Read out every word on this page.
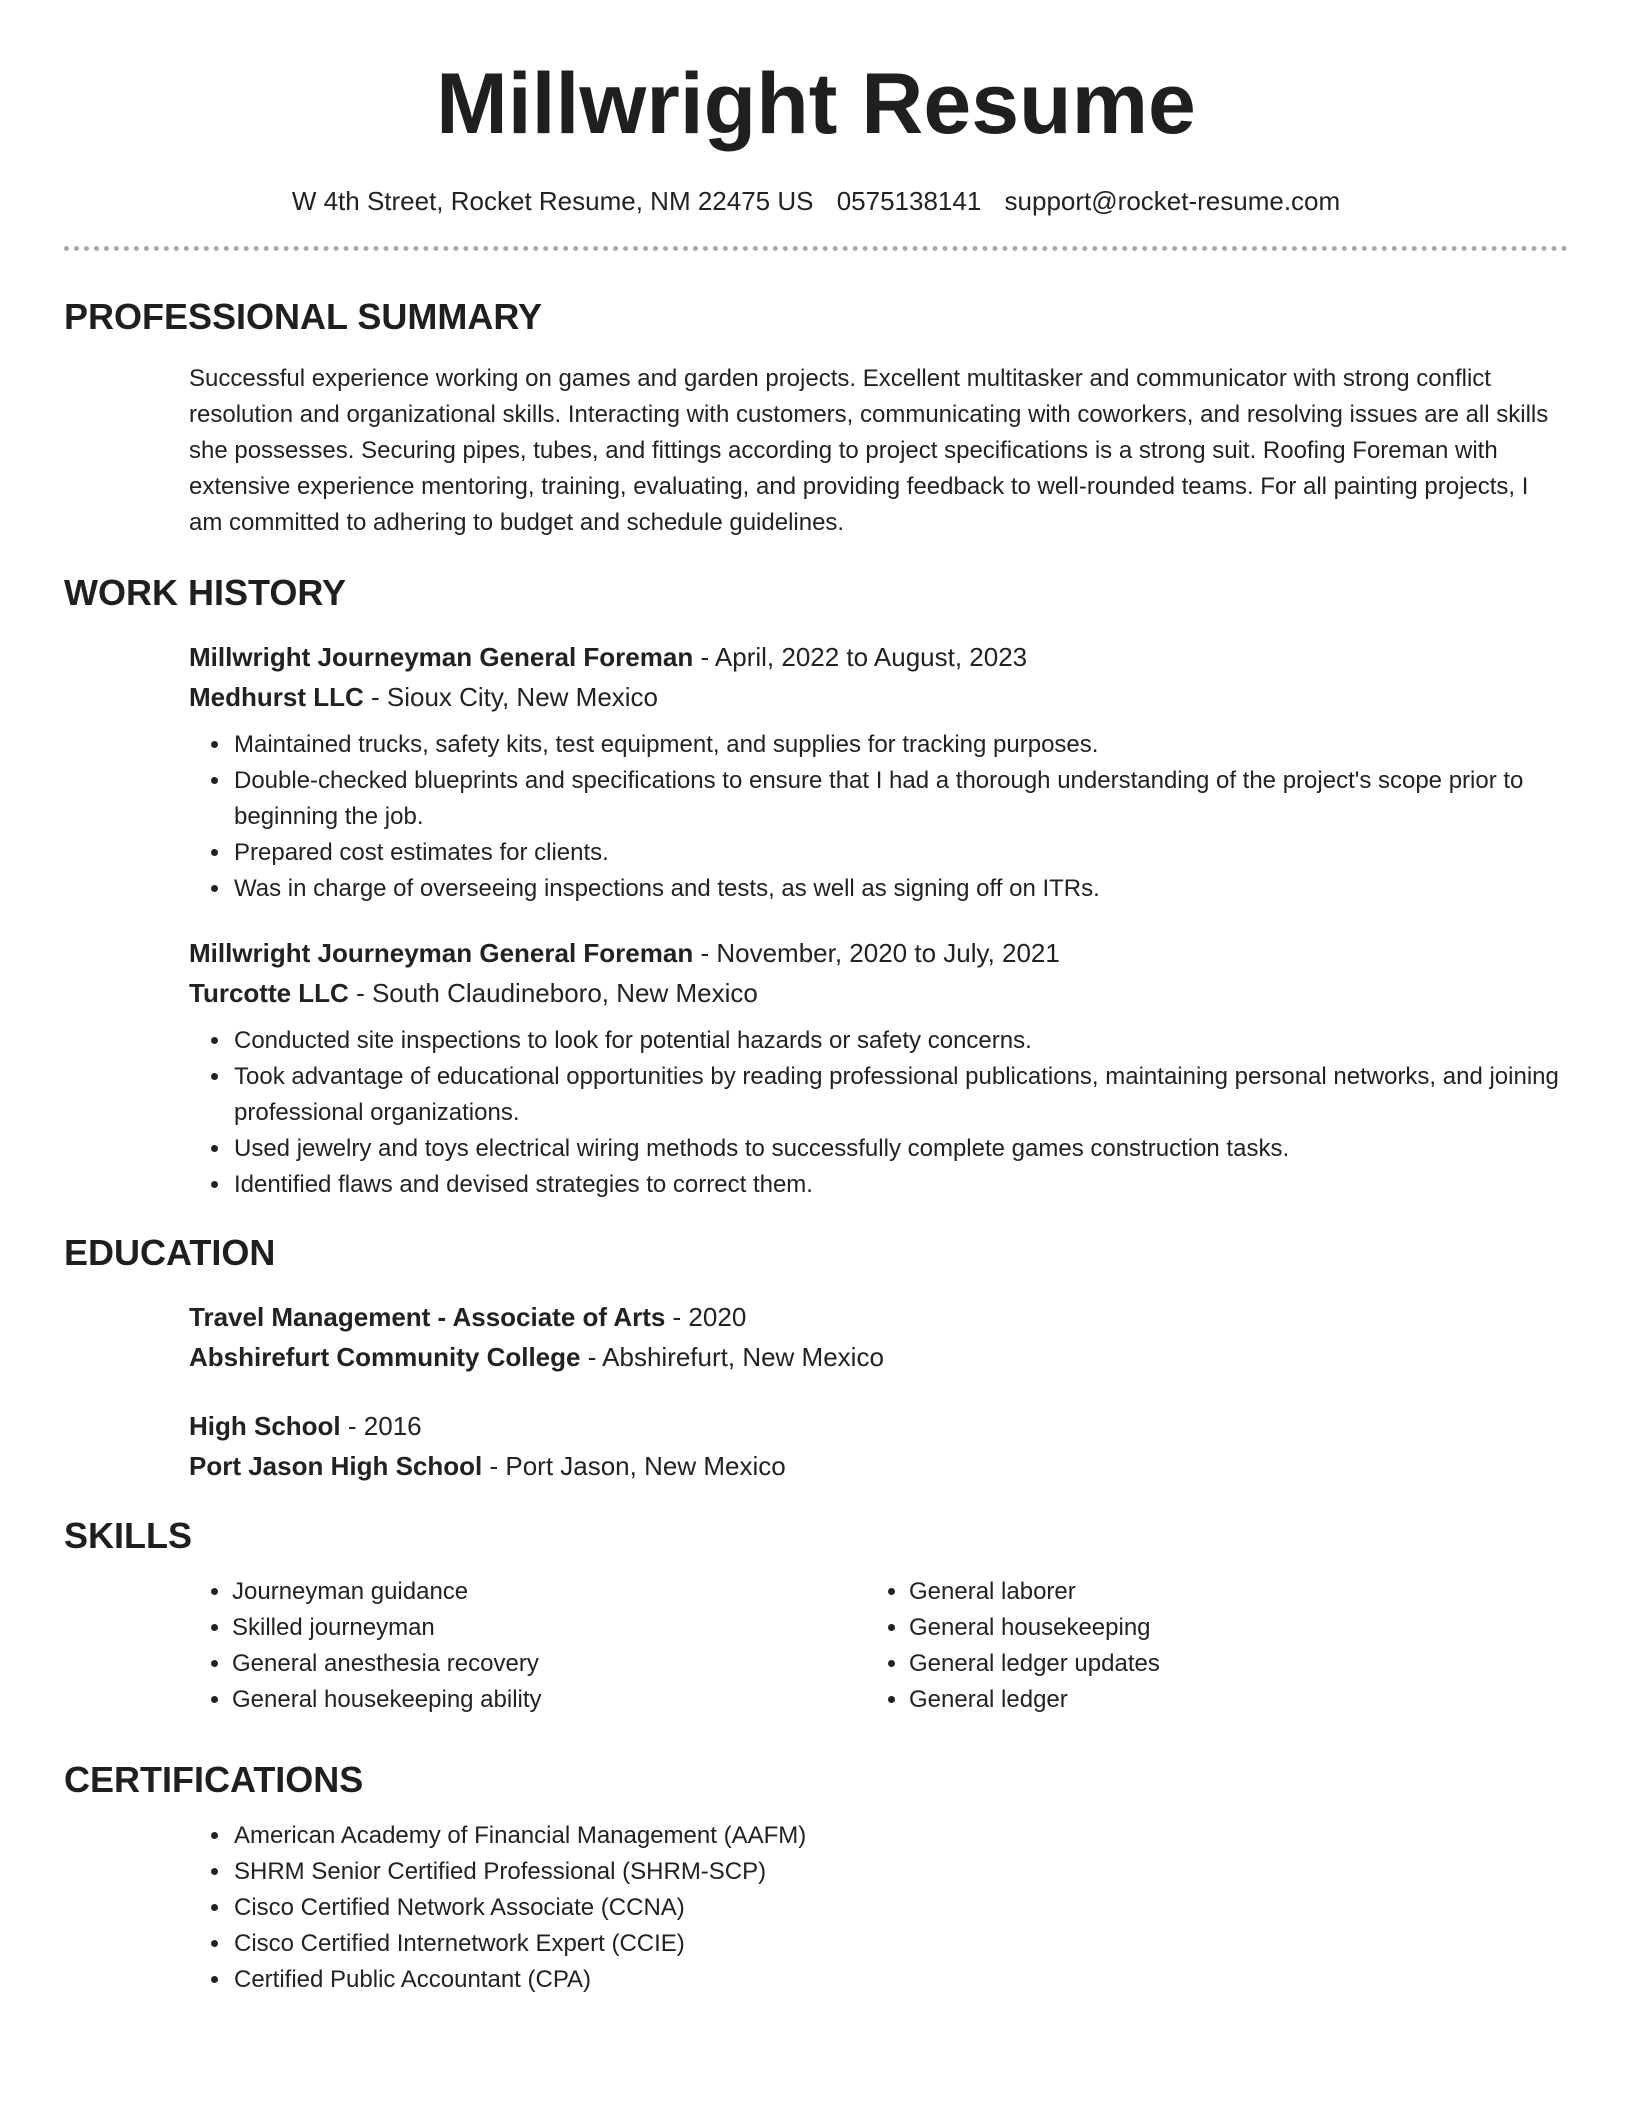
Millwright Resume
W 4th Street, Rocket Resume, NM 22475 US 0575138141 support@rocket-resume.com
PROFESSIONAL SUMMARY

Successful experience working on games and garden projects. Excellent multitasker and communicator with strong conflict resolution and organizational skills. Interacting with customers, communicating with coworkers, and resolving issues are all skills she possesses. Securing pipes, tubes, and fittings according to project specifications is a strong suit. Roofing Foreman with extensive experience mentoring, training, evaluating, and providing feedback to well-rounded teams. For all painting projects, I am committed to adhering to budget and schedule guidelines.

WORK HISTORY
Millwright Journeyman General Foreman - April, 2022 to August, 2023
Medhurst LLC - Sioux City, New Mexico
• Maintained trucks, safety kits, test equipment, and supplies for tracking purposes.
• Double-checked blueprints and specifications to ensure that I had a thorough understanding of the project's scope prior to beginning the job.
• Prepared cost estimates for clients.
• Was in charge of overseeing inspections and tests, as well as signing off on ITRs.
Millwright Journeyman General Foreman - November, 2020 to July, 2021
Turcotte LLC - South Claudineboro, New Mexico
• Conducted site inspections to look for potential hazards or safety concerns.
• Took advantage of educational opportunities by reading professional publications, maintaining personal networks, and joining professional organizations.
• Used jewelry and toys electrical wiring methods to successfully complete games construction tasks.
• Identified flaws and devised strategies to correct them.
EDUCATION
Travel Management - Associate of Arts - 2020
Abshirefurt Community College - Abshirefurt, New Mexico
High School - 2016
Port Jason High School - Port Jason, New Mexico
SKILLS
• Journeyman guidance
• Skilled journeyman
• General anesthesia recovery
• General housekeeping ability
• General laborer
• General housekeeping
• General ledger updates
• General ledger
CERTIFICATIONS
• American Academy of Financial Management (AAFM)
• SHRM Senior Certified Professional (SHRM-SCP)
• Cisco Certified Network Associate (CCNA)
• Cisco Certified Internetwork Expert (CCIE)
• Certified Public Accountant (CPA)
